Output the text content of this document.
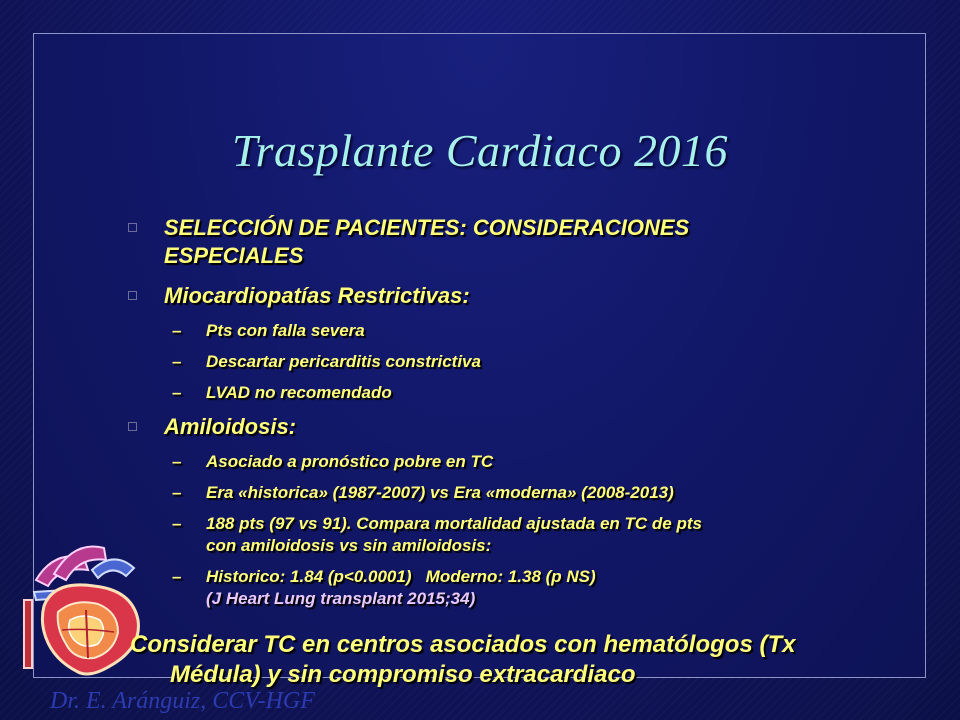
Trasplante Cardiaco 2016
SELECCIÓN DE PACIENTES: CONSIDERACIONES
ESPECIALES
Miocardiopatías Restrictivas:
– Pts con falla severa
– Descartar pericarditis constrictiva
– LVAD no recomendado
Amiloidosis:
– Asociado a pronóstico pobre en TC
– Era «historica» (1987-2007) vs Era «moderna» (2008-2013)
– 188 pts (97 vs 91). Compara mortalidad ajustada en TC de pts
con amiloidosis vs sin amiloidosis:
– Historico: 1.84 (p<0.0001)   Moderno: 1.38 (p NS)
(J Heart Lung transplant 2015;34)
Considerar TC en centros asociados con hematólogos (Tx
Médula) y sin compromiso extracardiaco
Dr. E. Aránguiz, CCV-HGF
